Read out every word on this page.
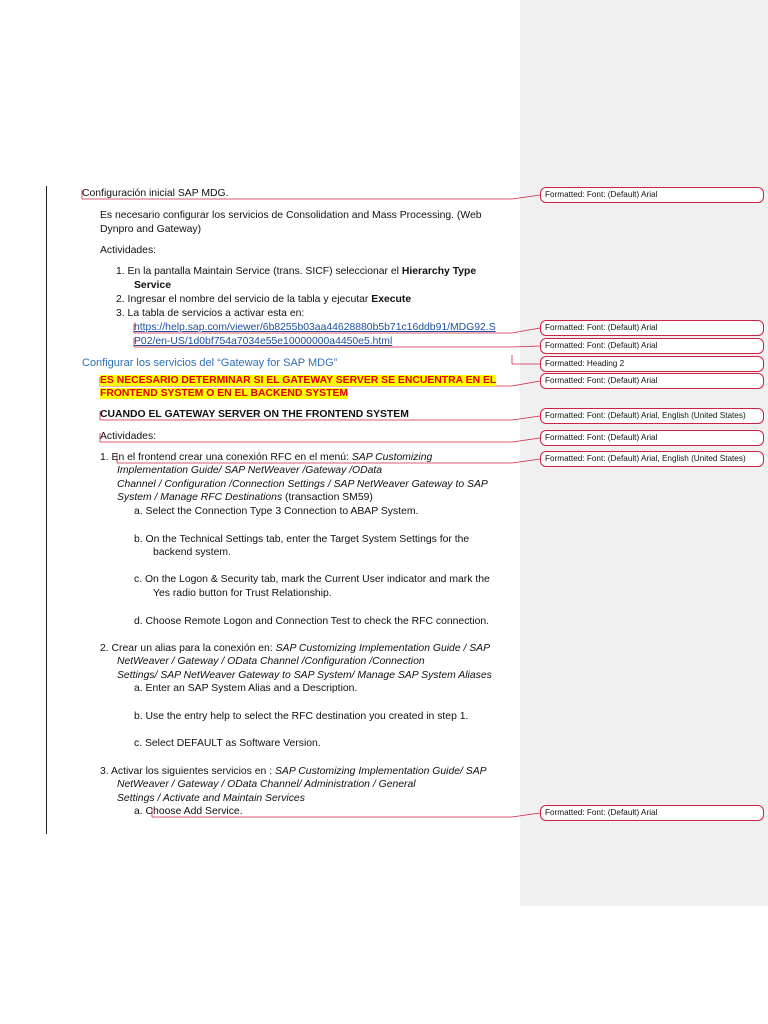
Configuración inicial SAP MDG.
Es necesario configurar los servicios de Consolidation and Mass Processing. (Web
Dynpro and Gateway)
Actividades:
1. En la pantalla Maintain Service (trans. SICF) seleccionar el Hierarchy Type
Service
2. Ingresar el nombre del servicio de la tabla y ejecutar Execute
3. La tabla de servicios a activar esta en:
https://help.sap.com/viewer/6b8255b03aa44628880b5b71c16ddb91/MDG92.S
P02/en-US/1d0bf754a7034e55e10000000a4450e5.html
Configurar los servicios del “Gateway for SAP MDG”
ES NECESARIO DETERMINAR SI EL GATEWAY SERVER SE ENCUENTRA EN EL
FRONTEND SYSTEM O EN EL BACKEND SYSTEM
CUANDO EL GATEWAY SERVER ON THE FRONTEND SYSTEM
Actividades:
1. En el frontend crear una conexión RFC en el menú: SAP Customizing
Implementation Guide/ SAP NetWeaver /Gateway /OData
Channel / Configuration /Connection Settings / SAP NetWeaver Gateway to SAP
System / Manage RFC Destinations (transaction SM59)
a. Select the Connection Type 3 Connection to ABAP System.
b. On the Technical Settings tab, enter the Target System Settings for the
backend system.
c. On the Logon & Security tab, mark the Current User indicator and mark the
Yes radio button for Trust Relationship.
d. Choose Remote Logon and Connection Test to check the RFC connection.
2. Crear un alias para la conexión en: SAP Customizing Implementation Guide / SAP
NetWeaver / Gateway / OData Channel /Configuration /Connection
Settings/ SAP NetWeaver Gateway to SAP System/ Manage SAP System Aliases
a. Enter an SAP System Alias and a Description.
b. Use the entry help to select the RFC destination you created in step 1.
c. Select DEFAULT as Software Version.
3. Activar los siguientes servicios en : SAP Customizing Implementation Guide/ SAP
NetWeaver / Gateway / OData Channel/ Administration / General
Settings / Activate and Maintain Services
a. Choose Add Service.
Formatted: Font: (Default) Arial
Formatted: Font: (Default) Arial
Formatted: Font: (Default) Arial
Formatted: Heading 2
Formatted: Font: (Default) Arial
Formatted: Font: (Default) Arial, English (United States)
Formatted: Font: (Default) Arial
Formatted: Font: (Default) Arial, English (United States)
Formatted: Font: (Default) Arial
